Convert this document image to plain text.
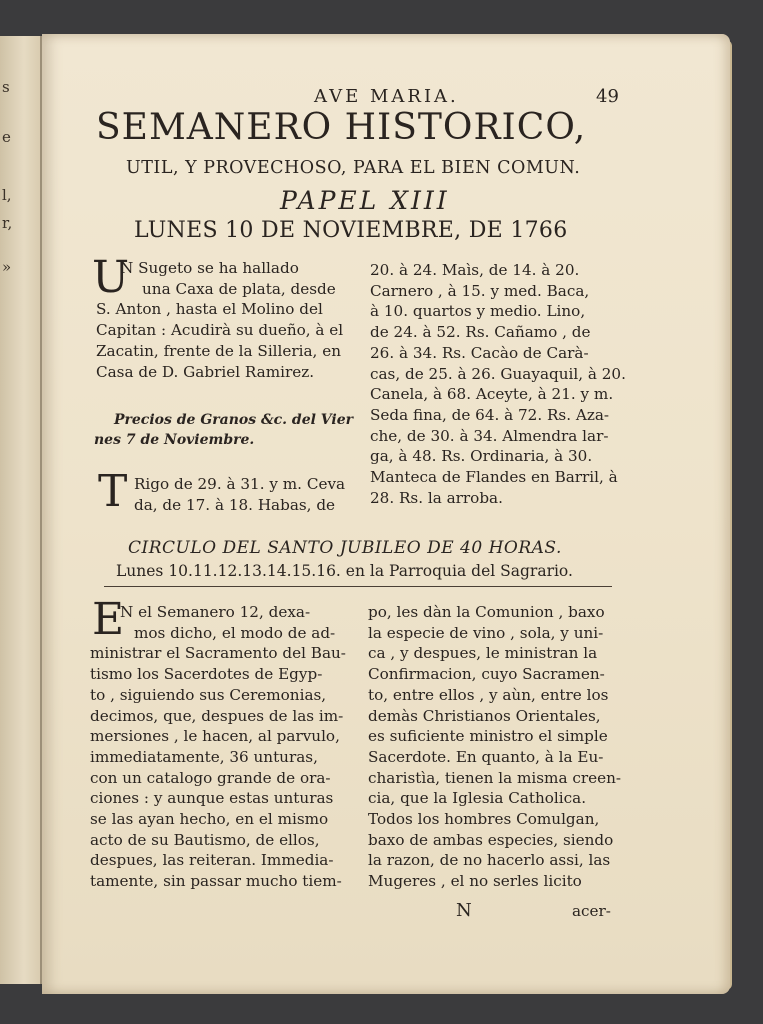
s
e
l,
r,
»
AVE MARIA.	49
SEMANERO HISTORICO,
UTIL, Y PROVECHOSO, PARA EL BIEN COMUN.
PAPEL XIII
LUNES 10 DE NOVIEMBRE, DE 1766
U
N Sugeto se ha hallado
una Caxa de plata, desde
S. Anton , hasta el Molino del
Capitan : Acudirà su dueño, à el
Zacatin, frente de la Silleria, en
Casa de D. Gabriel Ramirez.
Precios de Granos &c. del Vier
nes 7 de Noviembre.
T Rigo de 29. à 31. y m. Ceva
da, de 17. à 18. Habas, de
20. à 24. Maìs, de 14. à 20.
Carnero , à 15. y med. Baca,
à 10. quartos y medio. Lino,
de 24. à 52. Rs. Cañamo , de
26. à 34. Rs. Cacào de Carà-
cas, de 25. à 26. Guayaquil, à 20.
Canela, à 68. Aceyte, à 21. y m.
Seda fina, de 64. à 72. Rs. Aza-
che, de 30. à 34. Almendra lar-
ga, à 48. Rs. Ordinaria, à 30.
Manteca de Flandes en Barril, à
28. Rs. la arroba.
CIRCULO DEL SANTO JUBILEO DE 40 HORAS.
Lunes 10.11.12.13.14.15.16. en la Parroquia del Sagrario.
E
N el Semanero 12, dexa-
mos dicho, el modo de ad-
ministrar el Sacramento del Bau-
tismo los Sacerdotes de Egyp-
to , siguiendo sus Ceremonias,
decimos, que, despues de las im-
mersiones , le hacen, al parvulo,
immediatamente, 36 unturas,
con un catalogo grande de ora-
ciones : y aunque estas unturas
se las ayan hecho, en el mismo
acto de su Bautismo, de ellos,
despues, las reiteran. Immedia-
tamente, sin passar mucho tiem-
po, les dàn la Comunion , baxo
la especie de vino , sola, y uni-
ca , y despues, le ministran la
Confirmacion, cuyo Sacramen-
to, entre ellos , y aùn, entre los
demàs Christianos Orientales,
es suficiente ministro el simple
Sacerdote. En quanto, à la Eu-
charistìa, tienen la misma creen-
cia, que la Iglesia Catholica.
Todos los hombres Comulgan,
baxo de ambas especies, siendo
la razon, de no hacerlo assi, las
Mugeres , el no serles licito
N	acer-
